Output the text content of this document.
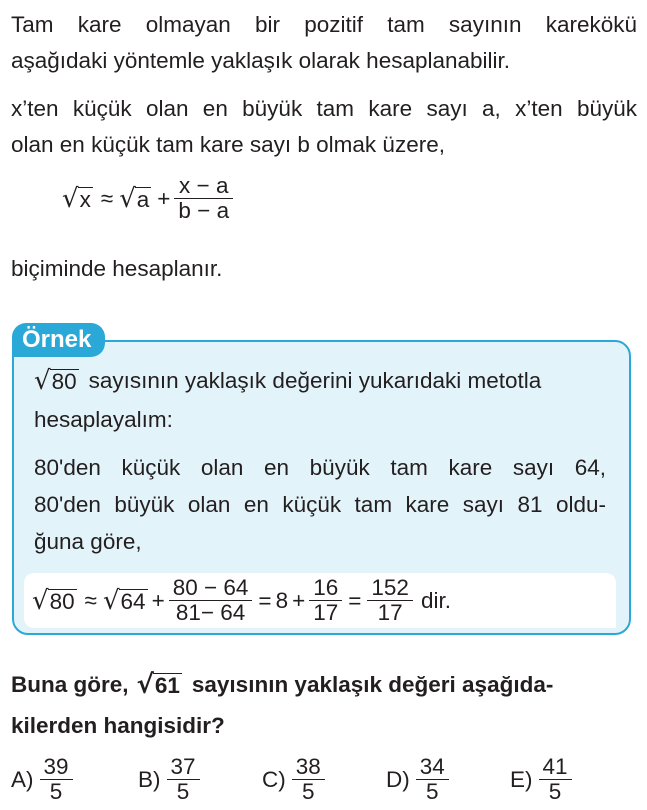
Tam kare olmayan bir pozitif tam sayının karekökü
aşağıdaki yöntemle yaklaşık olarak hesaplanabilir.
x’ten küçük olan en büyük tam kare sayı a, x’ten büyük
olan en küçük tam kare sayı b olmak üzere,
√ x ≈ √ $a + \frac{x - a}{b - a}$
biçiminde hesaplanır.
Örnek
√ 80 sayısının yaklaşık değerini yukarıdaki metotla
hesaplayalım:
80'den küçük olan en büyük tam kare sayı 64,
80'den büyük olan en küçük tam kare sayı 81 oldu-
ğuna göre,
√ 80 ≈ √ $64 + \frac{80 - 64}{81- 64} = 8 + \frac{16}{17} = \frac{152}{17}$ dir.
Buna göre, √ 61 sayısının yaklaşık değeri aşağıda-
kilerden hangisidir?
$A) \frac{39}{5}$	$B) \frac{37}{5}$	$C) \frac{38}{5}$	$D) \frac{34}{5}$	$E) \frac{41}{5}$
